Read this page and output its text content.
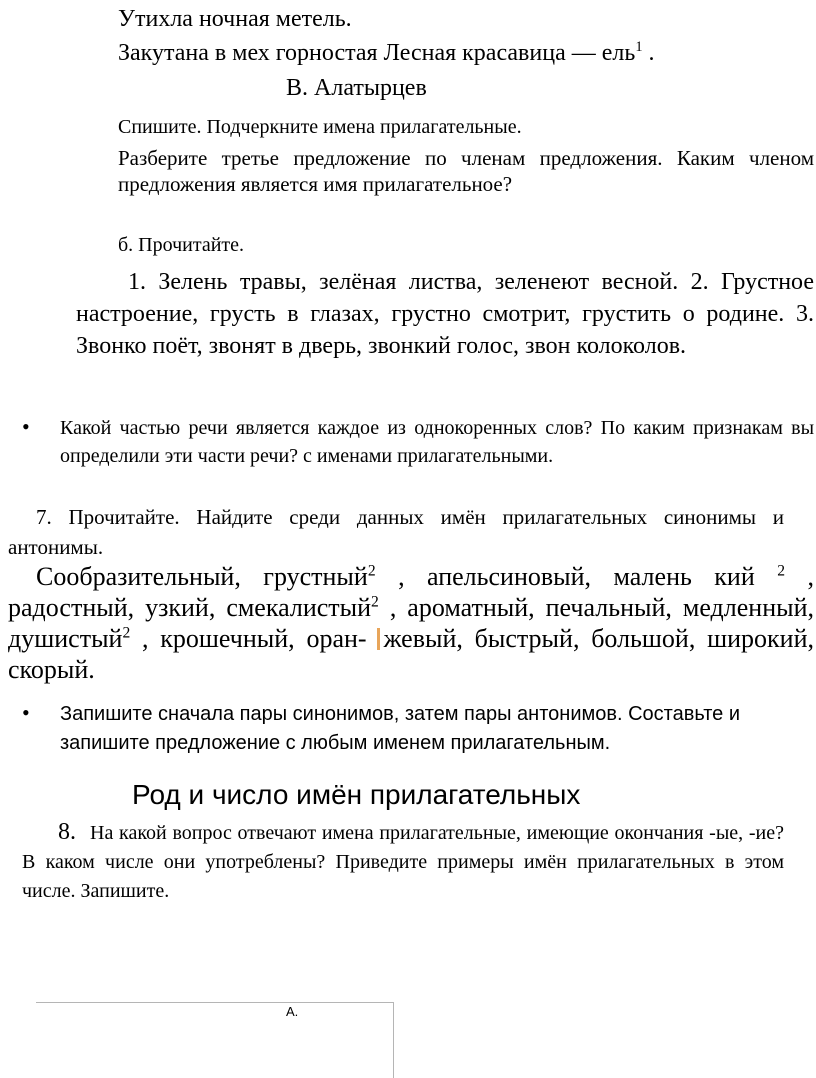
Утихла ночная метель.
Закутана в мех горностая Лесная красавица — ель$^1$ .
В. Алатырцев
Спишите. Подчеркните имена прилагательные.
Разберите третье предложение по членам предложения. Каким членом предложения является имя прилагательное?
б. Прочитайте.
1. Зелень травы, зелёная листва, зеленеют весной. 2. Грустное настроение, грусть в глазах, грустно смотрит, грустить о родине. 3. Звонко поёт, звонят в дверь, звонкий голос, звон колоколов.
• Какой частью речи является каждое из однокоренных слов? По каким признакам вы определили эти части речи? с именами прилагательными.
7. Прочитайте. Найдите среди данных имён прилагательных синонимы и антонимы.
Сообразительный, грустный$^2$ , апельсиновый, малень кий $^2$ , радостный, узкий, смекалистый$^2$ , ароматный, печальный, медленный, душистый$^2$ , крошечный, оран- жевый, быстрый, большой, широкий, скорый.
• Запишите сначала пары синонимов, затем пары антонимов. Составьте и запишите предложение с любым именем прилагательным.
Род и число имён прилагательных
8. На какой вопрос отвечают имена прилагательные, имеющие окончания -ые, -ие? В каком числе они употреблены? Приведите примеры имён прилагательных в этом числе. Запишите.
А.
